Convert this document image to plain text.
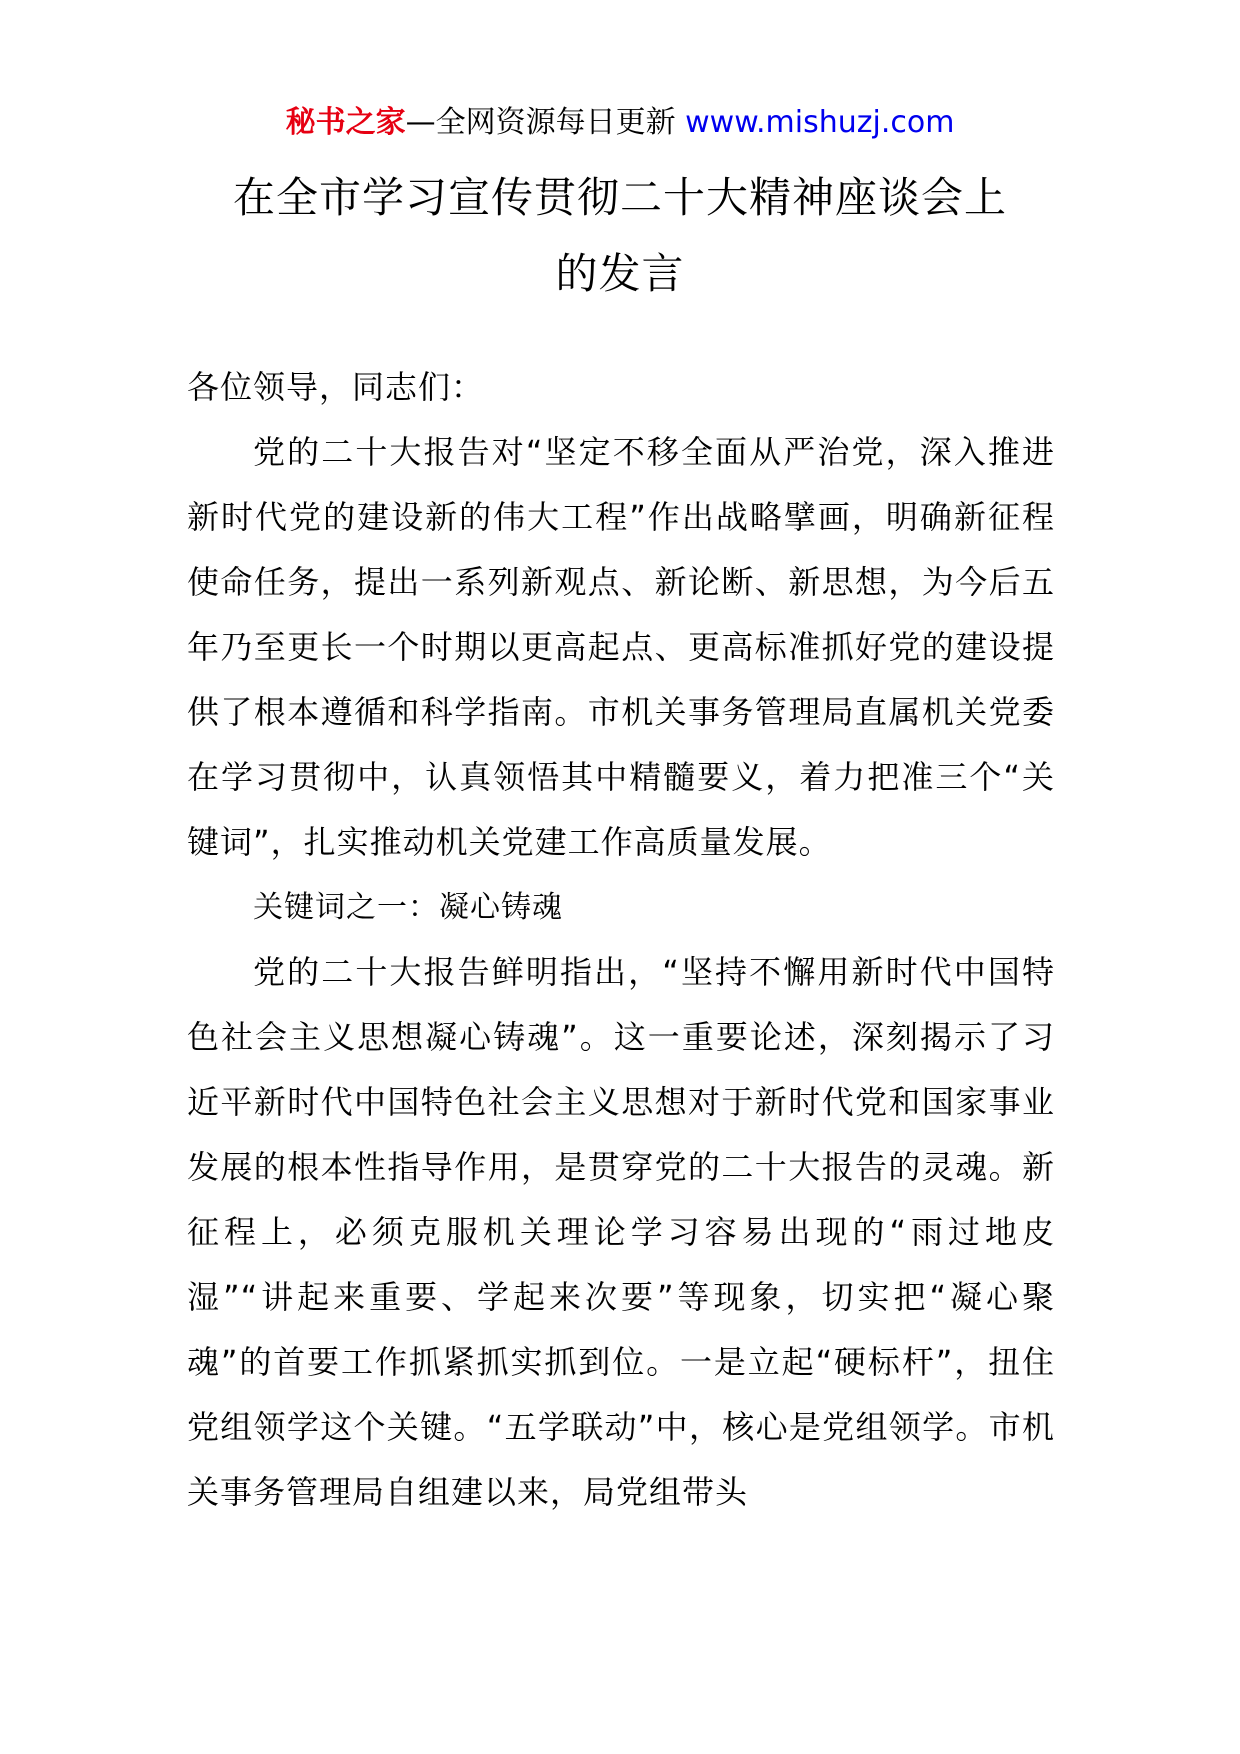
秘书之家—全网资源每日更新 www.mishuzj.com
在全市学习宣传贯彻二十大精神座谈会上
的发言

各位领导，同志们：

党的二十大报告对“坚定不移全面从严治党，深入推进新时代党的建设新的伟大工程”作出战略擘画，明确新征程使命任务，提出一系列新观点、新论断、新思想，为今后五年乃至更长一个时期以更高起点、更高标准抓好党的建设提供了根本遵循和科学指南。市机关事务管理局直属机关党委在学习贯彻中，认真领悟其中精髓要义，着力把准三个“关键词”，扎实推动机关党建工作高质量发展。

关键词之一：凝心铸魂

党的二十大报告鲜明指出，“坚持不懈用新时代中国特色社会主义思想凝心铸魂”。这一重要论述，深刻揭示了习近平新时代中国特色社会主义思想对于新时代党和国家事业发展的根本性指导作用，是贯穿党的二十大报告的灵魂。新征程上，必须克服机关理论学习容易出现的“雨过地皮湿”“讲起来重要、学起来次要”等现象，切实把“凝心聚魂”的首要工作抓紧抓实抓到位。一是立起“硬标杆”，扭住党组领学这个关键。“五学联动”中，核心是党组领学。市机关事务管理局自组建以来，局党组带头
